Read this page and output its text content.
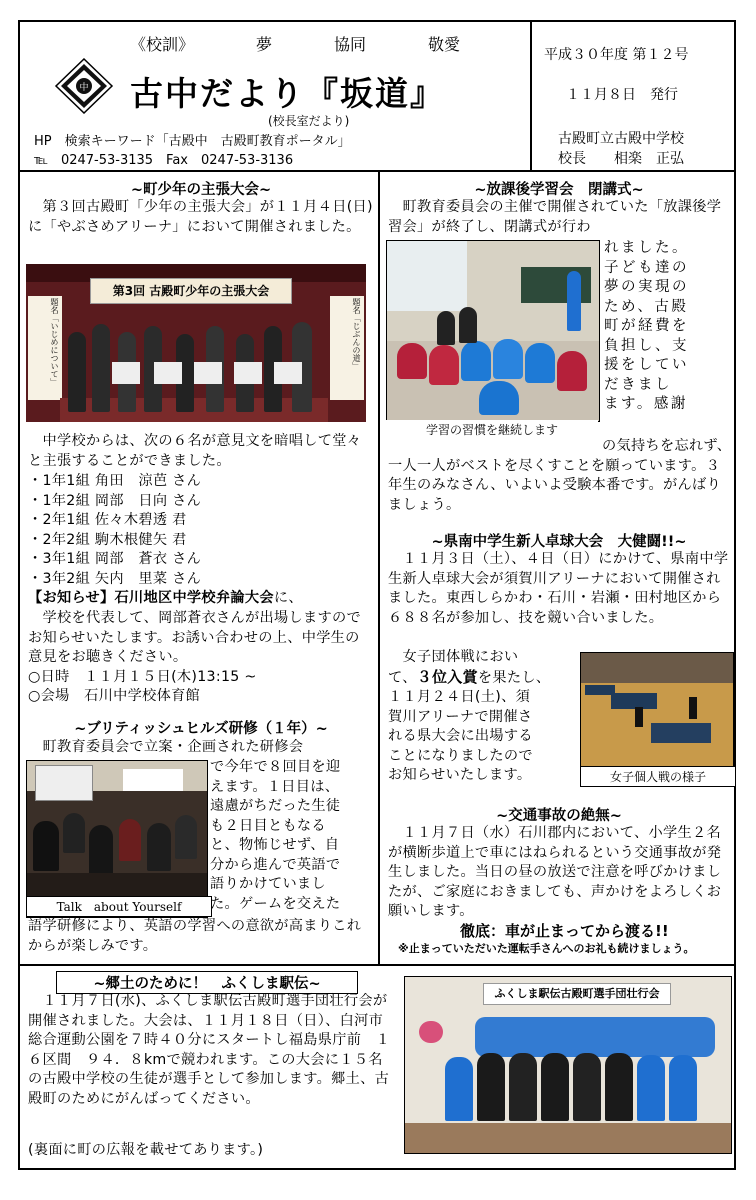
《校訓》	夢	協同	敬愛
中 古中だより『坂道』
(校長室だより)
HP　検索キーワード「古殿中　古殿町教育ポータル」
℡　0247-53-3135　Fax　0247-53-3136
平成３０年度 第１２号
１１月８日　発行
古殿町立古殿中学校
校長　　相楽　正弘
~町少年の主張大会~
　第３回古殿町「少年の主張大会」が１１月４日(日)に「やぶさめアリーナ」において開催されました。
第3回 古殿町少年の主張大会
題名「いじめについて」	題名「じぶんの道」
　中学校からは、次の６名が意見文を暗唱して堂々と主張することができました。
・1年1組 角田　涼芭 さん
・1年2組 岡部　日向 さん
・2年1組 佐々木碧透 君
・2年2組 駒木根健矢 君
・3年1組 岡部　蒼衣 さん
・3年2組 矢内　里菜 さん
【お知らせ】石川地区中学校弁論大会に、
　学校を代表して、岡部蒼衣さんが出場しますのでお知らせいたします。お誘い合わせの上、中学生の意見をお聴きください。
○日時　１１月１５日(木)13:15 ~
○会場　石川中学校体育館
~ブリティッシュヒルズ研修（１年）~
　町教育委員会で立案・企画された研修会
Talk　about Yourself
で今年で８回目を迎
えます。１日目は、
遠慮がちだった生徒
も２日目ともなる
と、物怖じせず、自
分から進んで英語で
語りかけていまし
た。ゲームを交えた
語学研修により、英語の学習への意欲が高まりこれからが楽しみです。
~放課後学習会　閉講式~
　町教育委員会の主催で開催されていた「放課後学習会」が終了し、閉講式が行わ
学習の習慣を継続します
れました。
子ども達の
夢の実現の
ため、古殿
町が経費を
負担し、支
援をしてい
だきまし
ます。感謝
の気持ちを忘れず、一人一人がベストを尽くすことを願っています。３年生のみなさん、いよいよ受験本番です。がんばりましょう。
~県南中学生新人卓球大会　大健闘!!~
　１１月３日（土）、４日（日）にかけて、県南中学生新人卓球大会が須賀川アリーナにおいて開催されました。東西しらかわ・石川・岩瀬・田村地区から６８８名が参加し、技を競い合いました。
　女子団体戦におい
て、３位入賞を果たし、
１１月２４日(土)、須
賀川アリーナで開催さ
れる県大会に出場する
ことになりましたので
お知らせいたします。	女子個人戦の様子
~交通事故の絶無~
　１１月７日（水）石川郡内において、小学生２名が横断歩道上で車にはねられるという交通事故が発生しました。当日の昼の放送で注意を呼びかけましたが、ご家庭におきましても、声かけをよろしくお願いします。
徹底：車が止まってから渡る!!
※止まっていただいた運転手さんへのお礼も続けましょう。
~郷土のために！　ふくしま駅伝~
　１１月７日(水)、ふくしま駅伝古殿町選手団壮行会が開催されました。大会は、１１月１８日（日）、白河市総合運動公園を７時４０分にスタートし福島県庁前　１６区間　９４．８kmで競われます。この大会に１５名の古殿中学校の生徒が選手として参加します。郷土、古殿町のためにがんばってください。
(裏面に町の広報を載せてあります。)
ふくしま駅伝古殿町選手団壮行会
